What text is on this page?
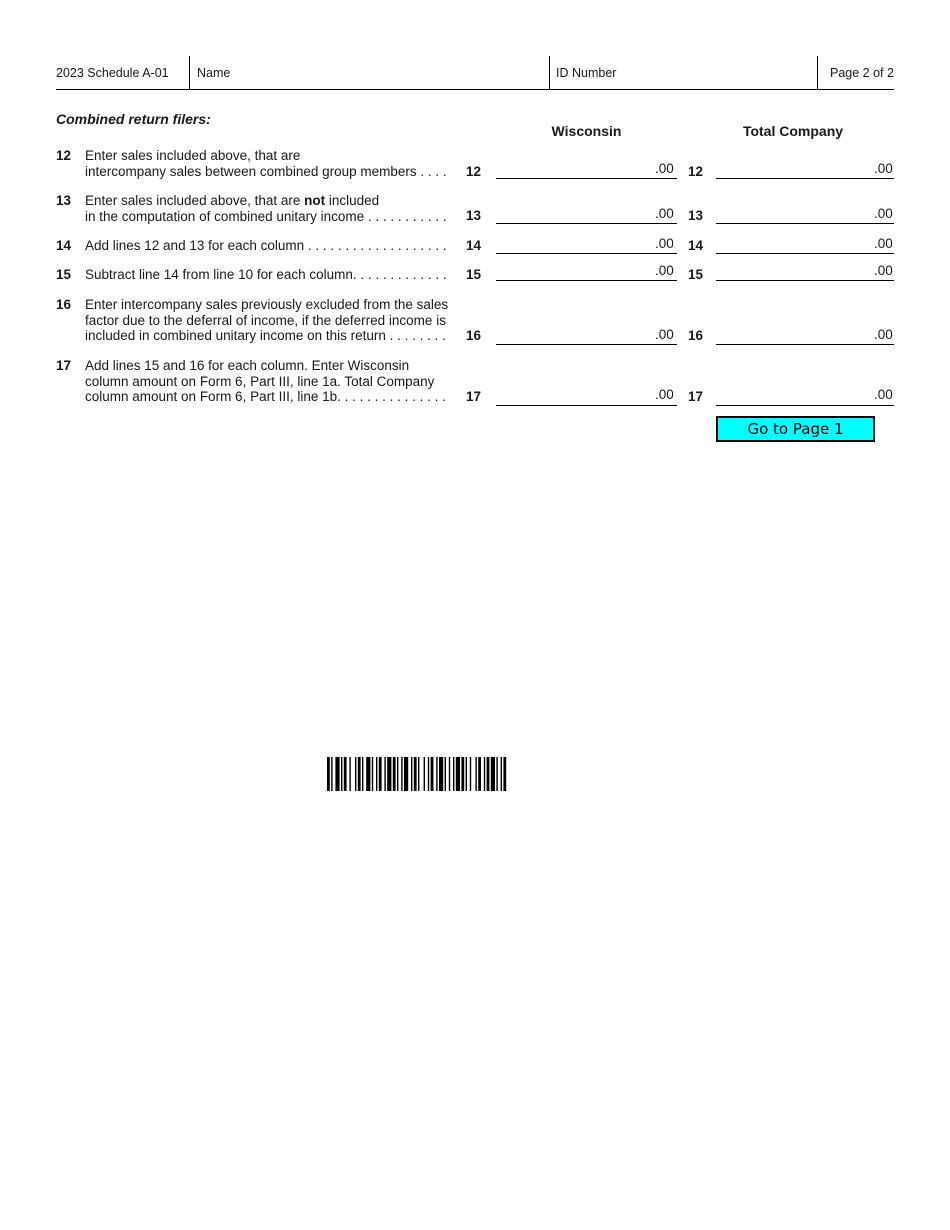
2023 Schedule A-01 Name	ID Number	Page 2 of 2
Combined return filers:
Wisconsin	Total Company
12 Enter sales included above, that are
intercompany sales between combined group members . . . .	12	.00 12	.00
13 Enter sales included above, that are not included
in the computation of combined unitary income . . . . . . . . . . .	13	.00 13	.00
14 Add lines 12 and 13 for each column . . . . . . . . . . . . . . . . . . .	14	.00 14	.00
15 Subtract line 14 from line 10 for each column. . . . . . . . . . . . .	15	.00 15	.00
16 Enter intercompany sales previously excluded from the sales
factor due to the deferral of income, if the deferred income is
included in combined unitary income on this return . . . . . . . .	16	.00 16	.00
17 Add lines 15 and 16 for each column. Enter Wisconsin
column amount on Form 6, Part III, line 1a. Total Company
column amount on Form 6, Part III, line 1b. . . . . . . . . . . . . . .	17	.00 17	.00
Go to Page 1
